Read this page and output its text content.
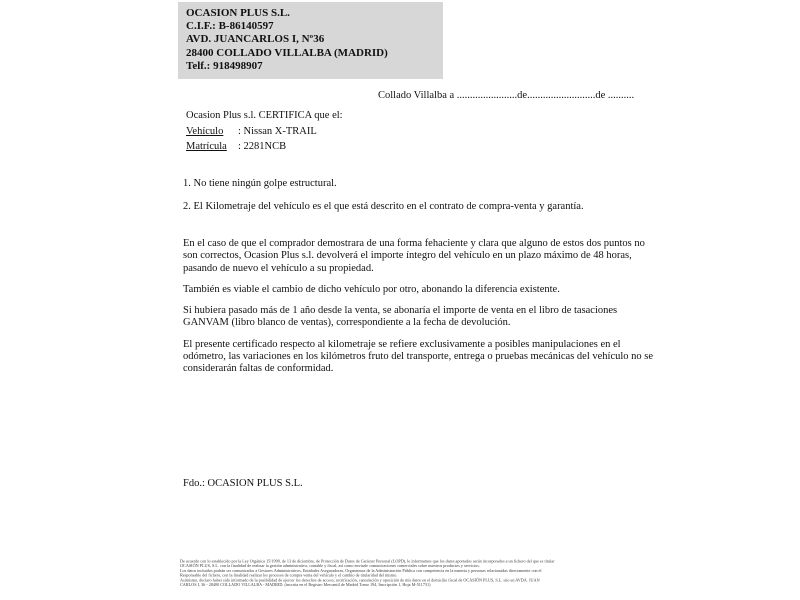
OCASION PLUS S.L.
C.I.F.: B-86140597
AVD. JUANCARLOS I, Nº36
28400 COLLADO VILLALBA (MADRID)
Telf.: 918498907
Collado Villalba a .......................de..........................de ..........
Ocasion Plus s.l. CERTIFICA que el:
Vehículo	: Nissan X-TRAIL
Matrícula	: 2281NCB
1. No tiene ningún golpe estructural.
2. El Kilometraje del vehículo es el que está descrito en el contrato de compra-venta y garantía.

En el caso de que el comprador demostrara de una forma fehaciente y clara que alguno de estos dos puntos no son correctos, Ocasion Plus s.l. devolverá el importe íntegro del vehículo en un plazo máximo de 48 horas, pasando de nuevo el vehículo a su propiedad.

También es viable el cambio de dicho vehículo por otro, abonando la diferencia existente.

Si hubiera pasado más de 1 año desde la venta, se abonaría el importe de venta en el libro de tasaciones GANVAM (libro blanco de ventas), correspondiente a la fecha de devolución.

El presente certificado respecto al kilometraje se refiere exclusivamente a posibles manipulaciones en el odómetro, las variaciones en los kilómetros fruto del transporte, entrega o pruebas mecánicas del vehículo no se considerarán faltas de conformidad.

Fdo.: OCASION PLUS S.L.
De acuerdo con lo establecido por la Ley Orgánica 15/1999, de 13 de diciembre, de Protección de Datos de Carácter Personal (LOPD), le informamos que los datos aportados serán incorporados a un fichero del que es titular
OCASIÓN PLUS, S.L. con la finalidad de realizar la gestión administrativa, contable y fiscal, así como enviarle comunicaciones comerciales sobre nuestros productos y servicios.
Los datos incluidos podrán ser comunicados a Gestores Administrativos, Entidades Aseguradoras, Organismos de la Administración Pública con competencia en la materia y personas relacionadas directamente con el
Responsable del fichero, con la finalidad realizar los procesos de compra venta del vehículo y el cambio de titularidad del mismo.
Asimismo, declaro haber sido informado de la posibilidad de ejercer los derechos de acceso, rectificación, cancelación y oposición de mis datos en el domicilio fiscal de OCASIÓN PLUS, S.L. sito en AVDA. JUAN
CARLOS I, 36 - 28400 COLLADO VILLALBA - MADRID. (inscrita en el Registro Mercantil de Madrid Tomo 194, Inscripción 1, Hoja M-511731)
